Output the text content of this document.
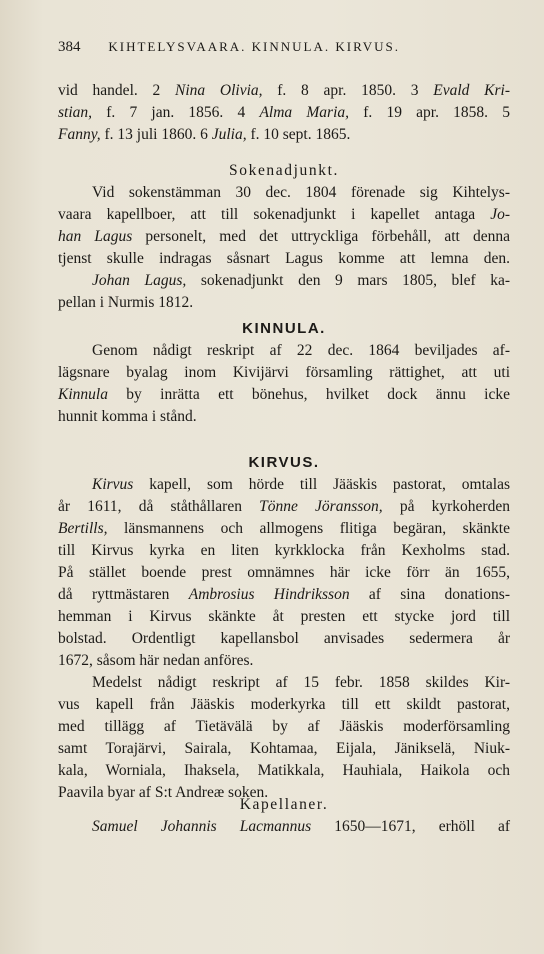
384 KIHTELYSVAARA. KINNULA. KIRVUS.
vid handel. 2 Nina Olivia, f. 8 apr. 1850. 3 Evald Kri-
stian, f. 7 jan. 1856. 4 Alma Maria, f. 19 apr. 1858. 5
Fanny, f. 13 juli 1860. 6 Julia, f. 10 sept. 1865.
Sokenadjunkt.
Vid sokenstämman 30 dec. 1804 förenade sig Kihtelys-
vaara kapellboer, att till sokenadjunkt i kapellet antaga Jo-
han Lagus personelt, med det uttryckliga förbehåll, att denna
tjenst skulle indragas såsnart Lagus komme att lemna den.
Johan Lagus, sokenadjunkt den 9 mars 1805, blef ka-
pellan i Nurmis 1812.
KINNULA.
Genom nådigt reskript af 22 dec. 1864 beviljades af-
lägsnare byalag inom Kivijärvi församling rättighet, att uti
Kinnula by inrätta ett bönehus, hvilket dock ännu icke
hunnit komma i stånd.
KIRVUS.
Kirvus kapell, som hörde till Jääskis pastorat, omtalas
år 1611, då ståthållaren Tönne Jöransson, på kyrkoherden
Bertills, länsmannens och allmogens flitiga begäran, skänkte
till Kirvus kyrka en liten kyrkklocka från Kexholms stad.
På stället boende prest omnämnes här icke förr än 1655,
då ryttmästaren Ambrosius Hindriksson af sina donations-
hemman i Kirvus skänkte åt presten ett stycke jord till
bolstad. Ordentligt kapellansbol anvisades sedermera år
1672, såsom här nedan anföres.
Medelst nådigt reskript af 15 febr. 1858 skildes Kir-
vus kapell från Jääskis moderkyrka till ett skildt pastorat,
med tillägg af Tietävälä by af Jääskis moderförsamling
samt Torajärvi, Sairala, Kohtamaa, Eijala, Jänikselä, Niuk-
kala, Worniala, Ihaksela, Matikkala, Hauhiala, Haikola och
Paavila byar af S:t Andreæ soken.
Kapellaner.
Samuel Johannis Lacmannus 1650—1671, erhöll af
